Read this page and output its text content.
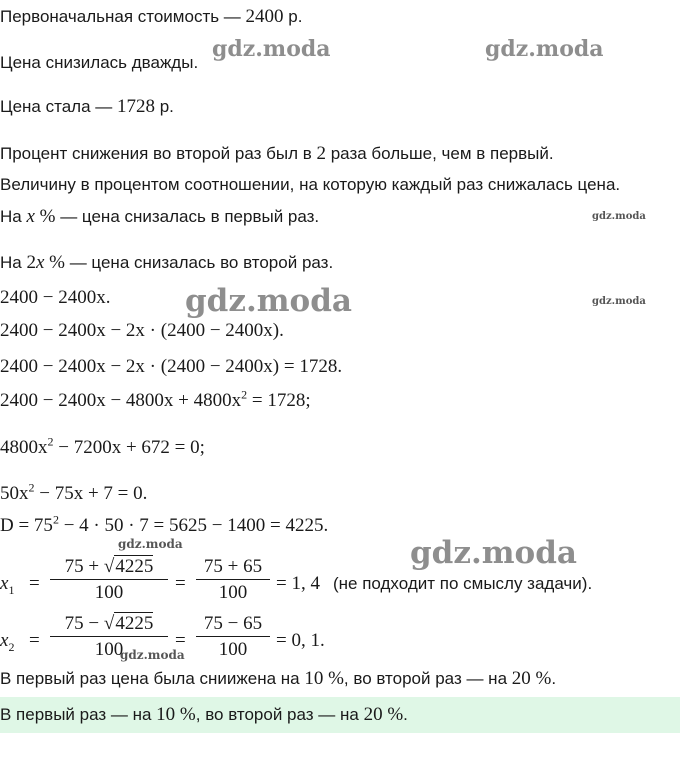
Первоначальная стоимость — 2400 р.
Цена снизилась дважды.
Цена стала — 1728 р.
Процент снижения во второй раз был в 2 раза больше, чем в первый.
Величину в процентом соотношении, на которую каждый раз снижалась цена.
На x % — цена снизалась в первый раз.
На 2x % — цена снизалась во второй раз.
2400 − 2400x.
2400 − 2400x − 2x · (2400 − 2400x).
2400 − 2400x − 2x · (2400 − 2400x) = 1728.
$2400 - 2400x - 4800x + 4800x^2 = 1728$;
$4800x^2 - 7200x + 672 = 0$;
$50x^2 - 75x + 7 = 0$.
$D = 75^2 - 4 \cdot 50 \cdot 7 = 5625 - 1400 = 4225$.
$x_1$ =
75 + √4225
100	=
75 + 65
100	= 1, 4 (не подходит по смыслу задачи).
$x_2$ =
75 − √4225
100	=
75 − 65
100	= 0, 1.
В первый раз цена была сниижена на 10 %, во второй раз — на 20 %.
В первый раз — на 10 %, во второй раз — на 20 %.
gdz.moda	gdz.moda
gdz.moda
gdz.moda	gdz.moda
gdz.moda	gdz.moda
gdz.moda
